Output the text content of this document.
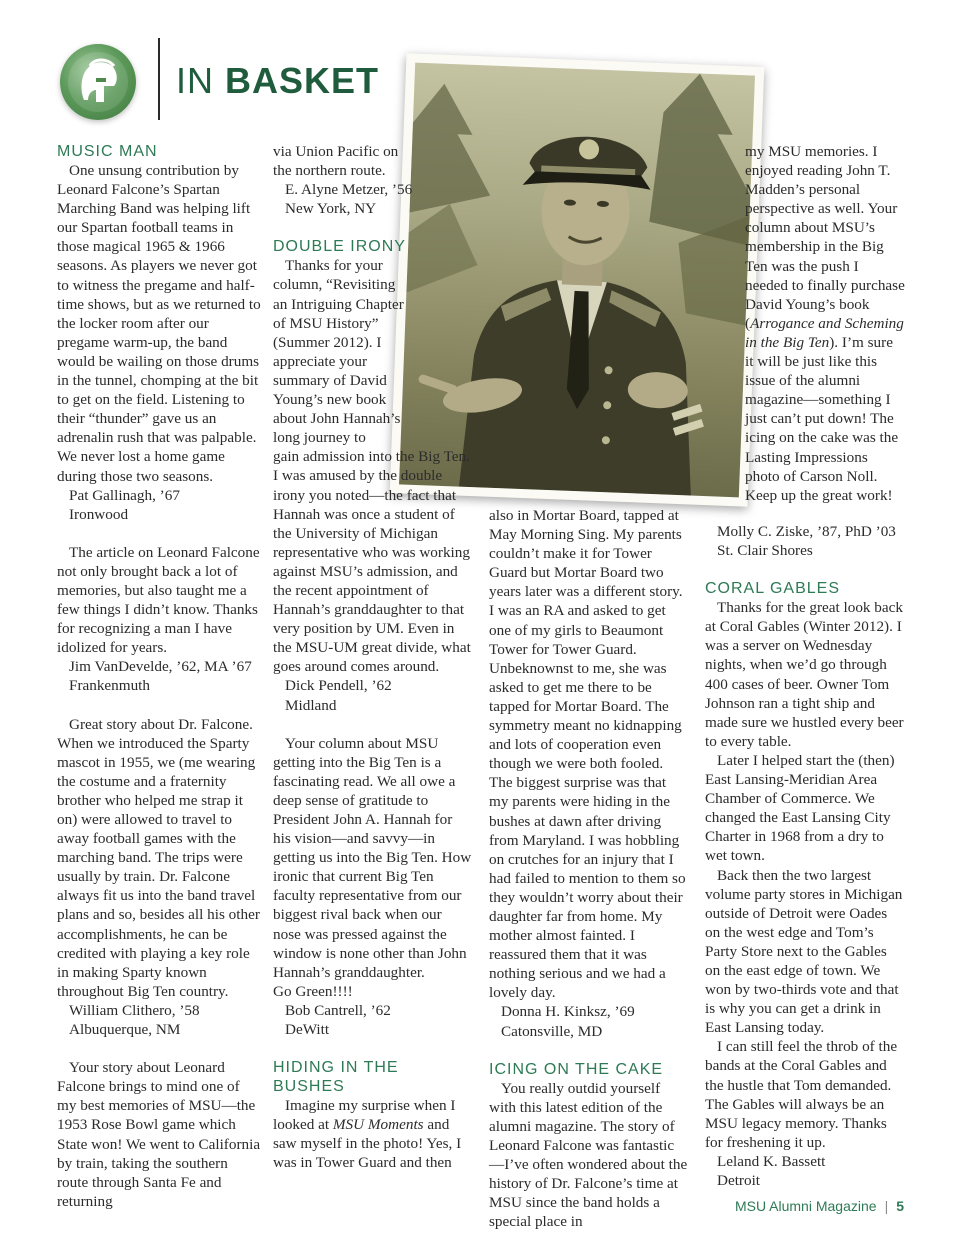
IN BASKET
MUSIC MAN

One unsung contribution by Leonard Falcone’s Spartan Marching Band was helping lift our Spartan football teams in those magical 1965 & 1966 seasons. As players we never got to witness the pregame and half-time shows, but as we returned to the locker room after our pregame warm-up, the band would be wailing on those drums in the tunnel, chomping at the bit to get on the field. Listening to their “thunder” gave us an adrenalin rush that was palpable. We never lost a home game during those two seasons.

Pat Gallinagh, ’67
Ironwood

The article on Leonard Falcone not only brought back a lot of memories, but also taught me a few things I didn’t know. Thanks for recognizing a man I have idolized for years.

Jim VanDevelde, ’62, MA ’67
Frankenmuth

Great story about Dr. Falcone. When we introduced the Sparty mascot in 1955, we (me wearing the costume and a fraternity brother who helped me strap it on) were allowed to travel to away football games with the marching band. The trips were usually by train. Dr. Falcone always fit us into the band travel plans and so, besides all his other accomplishments, he can be credited with playing a key role in making Sparty known throughout Big Ten country.

William Clithero, ’58
Albuquerque, NM

Your story about Leonard Falcone brings to mind one of my best memories of MSU—the 1953 Rose Bowl game which State won! We went to California by train, taking the southern route through Santa Fe and returning

via Union Pacific on the northern route.

E. Alyne Metzer, ’56
New York, NY
DOUBLE IRONY

Thanks for your column, “Revisiting an Intriguing Chapter of MSU History” (Summer 2012). I appreciate your summary of David Young’s new book about John Hannah’s long journey to

gain admission into the Big Ten. I was amused by the double irony you noted—the fact that Hannah was once a student of the University of Michigan representative who was working against MSU’s admission, and the recent appointment of Hannah’s granddaughter to that very position by UM. Even in the MSU-UM great divide, what goes around comes around.

Dick Pendell, ’62
Midland

Your column about MSU getting into the Big Ten is a fascinating read. We all owe a deep sense of gratitude to President John A. Hannah for his vision—and savvy—in getting us into the Big Ten. How ironic that current Big Ten faculty representative from our biggest rival back when our nose was pressed against the window is none other than John Hannah’s granddaughter.

Go Green!!!!

Bob Cantrell, ’62
DeWitt
HIDING IN THE BUSHES

Imagine my surprise when I looked at MSU Moments and saw myself in the photo! Yes, I was in Tower Guard and then

also in Mortar Board, tapped at May Morning Sing. My parents couldn’t make it for Tower Guard but Mortar Board two years later was a different story. I was an RA and asked to get one of my girls to Beaumont Tower for Tower Guard. Unbeknownst to me, she was asked to get me there to be tapped for Mortar Board. The symmetry meant no kidnapping and lots of cooperation even though we were both fooled. The biggest surprise was that my parents were hiding in the bushes at dawn after driving from Maryland. I was hobbling on crutches for an injury that I had failed to mention to them so they wouldn’t worry about their daughter far from home. My mother almost fainted. I reassured them that it was nothing serious and we had a lovely day.

Donna H. Kinksz, ’69
Catonsville, MD
ICING ON THE CAKE

You really outdid yourself with this latest edition of the alumni magazine. The story of Leonard Falcone was fantastic—I’ve often wondered about the history of Dr. Falcone’s time at MSU since the band holds a special place in

my MSU memories. I enjoyed reading John T. Madden’s personal perspective as well. Your column about MSU’s membership in the Big Ten was the push I needed to finally purchase David Young’s book (Arrogance and Scheming in the Big Ten). I’m sure it will be just like this issue of the alumni magazine—something I just can’t put down! The icing on the cake was the Lasting Impressions photo of Carson Noll. Keep up the great work!

Molly C. Ziske, ’87, PhD ’03
St. Clair Shores
CORAL GABLES

Thanks for the great look back at Coral Gables (Winter 2012). I was a server on Wednesday nights, when we’d go through 400 cases of beer. Owner Tom Johnson ran a tight ship and made sure we hustled every beer to every table.

Later I helped start the (then) East Lansing-Meridian Area Chamber of Commerce. We changed the East Lansing City Charter in 1968 from a dry to wet town.

Back then the two largest volume party stores in Michigan outside of Detroit were Oades on the west edge and Tom’s Party Store next to the Gables on the east edge of town. We won by two-thirds vote and that is why you can get a drink in East Lansing today.

I can still feel the throb of the bands at the Coral Gables and the hustle that Tom demanded. The Gables will always be an MSU legacy memory. Thanks for freshening it up.

Leland K. Bassett
Detroit
MSU Alumni Magazine | 5
